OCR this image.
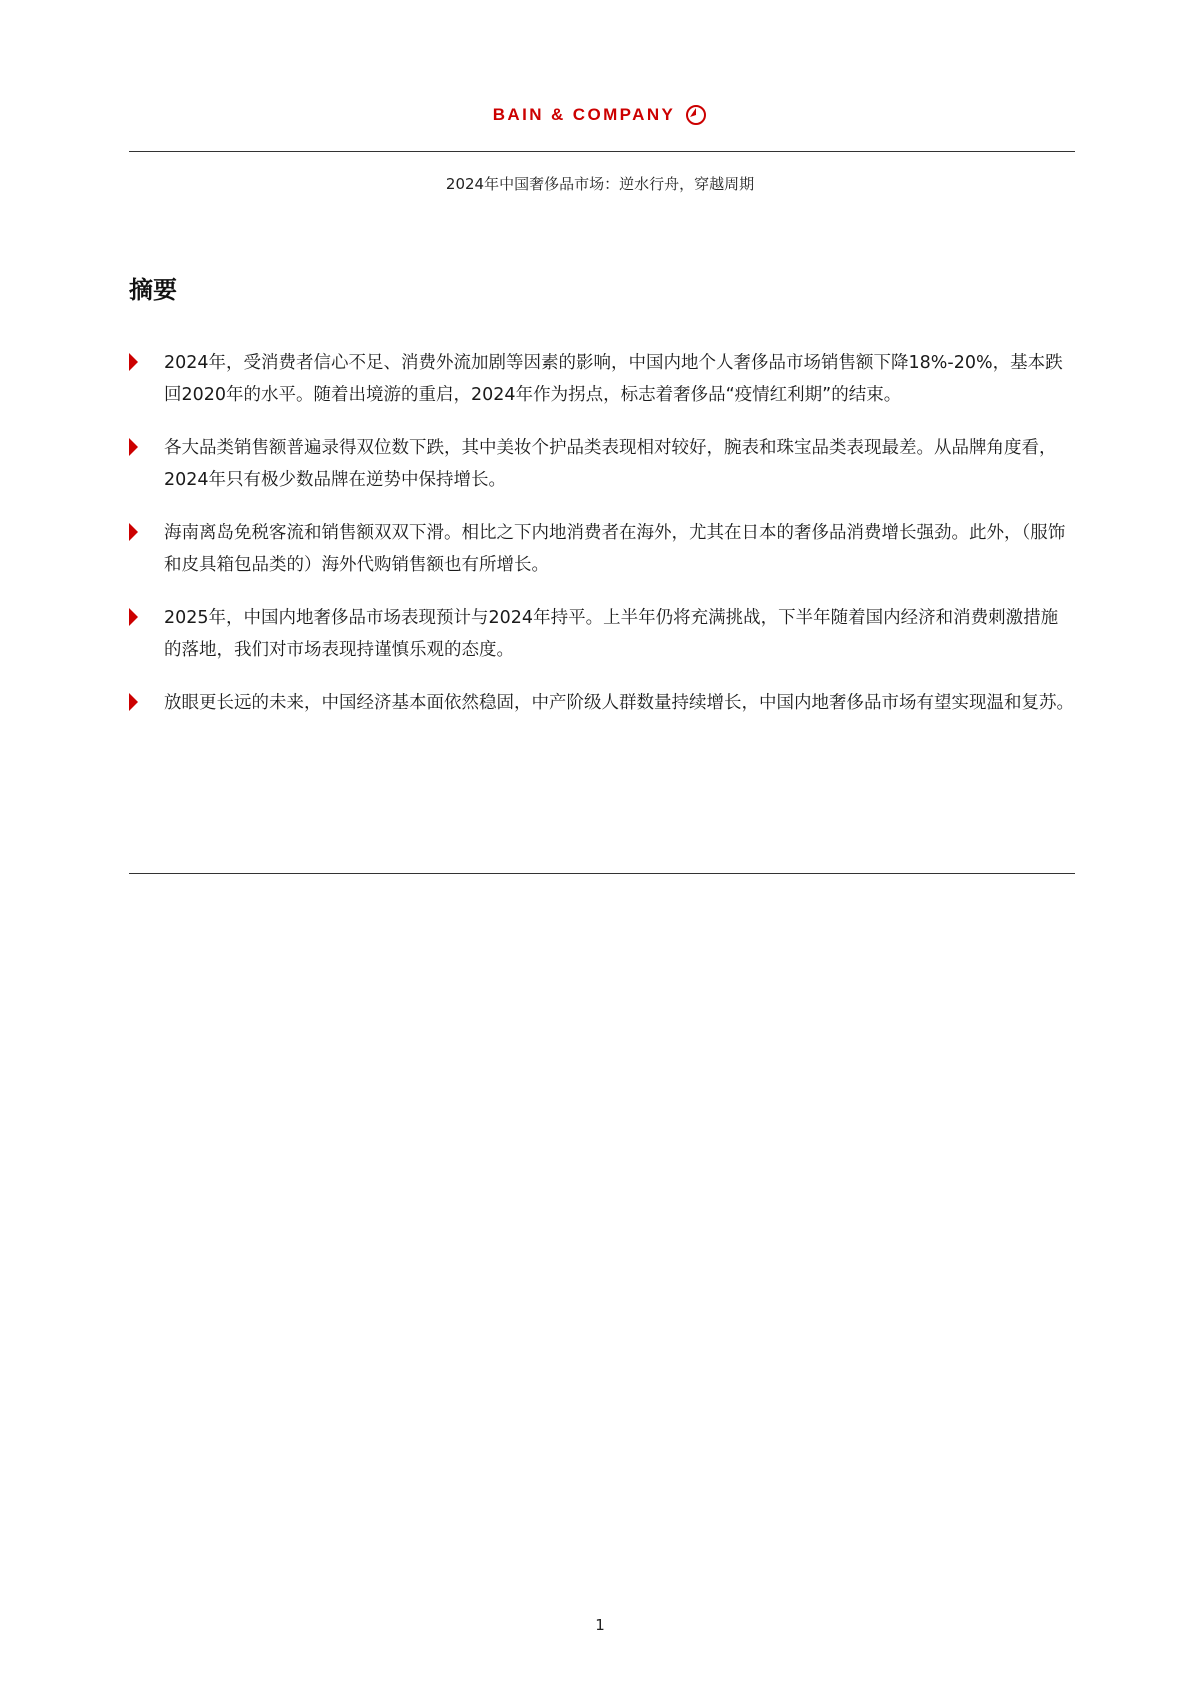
BAIN & COMPANY
2024年中国奢侈品市场：逆水行舟，穿越周期
摘要
2024年，受消费者信心不足、消费外流加剧等因素的影响，中国内地个人奢侈品市场销售额下降18%-20%，基本跌回2020年的水平。随着出境游的重启，2024年作为拐点，标志着奢侈品“疫情红利期”的结束。
各大品类销售额普遍录得双位数下跌，其中美妆个护品类表现相对较好，腕表和珠宝品类表现最差。从品牌角度看，2024年只有极少数品牌在逆势中保持增长。
海南离岛免税客流和销售额双双下滑。相比之下内地消费者在海外，尤其在日本的奢侈品消费增长强劲。此外，（服饰和皮具箱包品类的）海外代购销售额也有所增长。
2025年，中国内地奢侈品市场表现预计与2024年持平。上半年仍将充满挑战，下半年随着国内经济和消费刺激措施的落地，我们对市场表现持谨慎乐观的态度。
放眼更长远的未来，中国经济基本面依然稳固，中产阶级人群数量持续增长，中国内地奢侈品市场有望实现温和复苏。
1
